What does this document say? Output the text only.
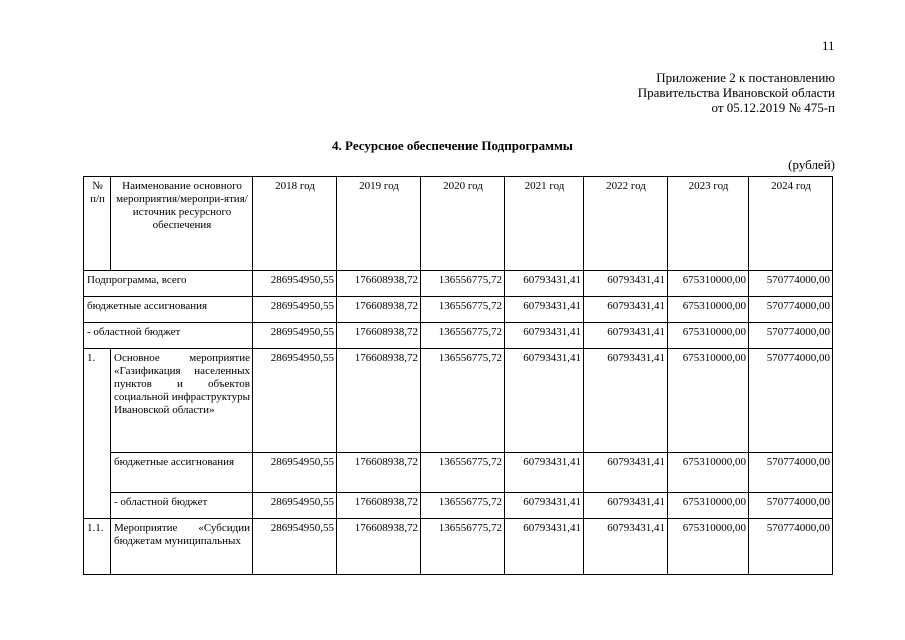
11
Приложение 2 к постановлению
Правительства Ивановской области
от 05.12.2019 № 475-п
4. Ресурсное обеспечение Подпрограммы
(рублей)
№ п/п	Наименование основного мероприятия/меропри-ятия/источник ресурсного обеспечения	2018 год	2019 год	2020 год	2021 год	2022 год	2023 год	2024 год
Подпрограмма, всего		286954950,55	176608938,72	136556775,72	60793431,41	60793431,41	675310000,00	570774000,00
бюджетные ассигнования		286954950,55	176608938,72	136556775,72	60793431,41	60793431,41	675310000,00	570774000,00
- областной бюджет		286954950,55	176608938,72	136556775,72	60793431,41	60793431,41	675310000,00	570774000,00
1.	Основное мероприятие «Газификация населенных пунктов и объектов социальной инфраструктуры Ивановской области»	286954950,55	176608938,72	136556775,72	60793431,41	60793431,41	675310000,00	570774000,00
	бюджетные ассигнования	286954950,55	176608938,72	136556775,72	60793431,41	60793431,41	675310000,00	570774000,00
	- областной бюджет	286954950,55	176608938,72	136556775,72	60793431,41	60793431,41	675310000,00	570774000,00
1.1.	Мероприятие «Субсидии бюджетам муниципальных	286954950,55	176608938,72	136556775,72	60793431,41	60793431,41	675310000,00	570774000,00
